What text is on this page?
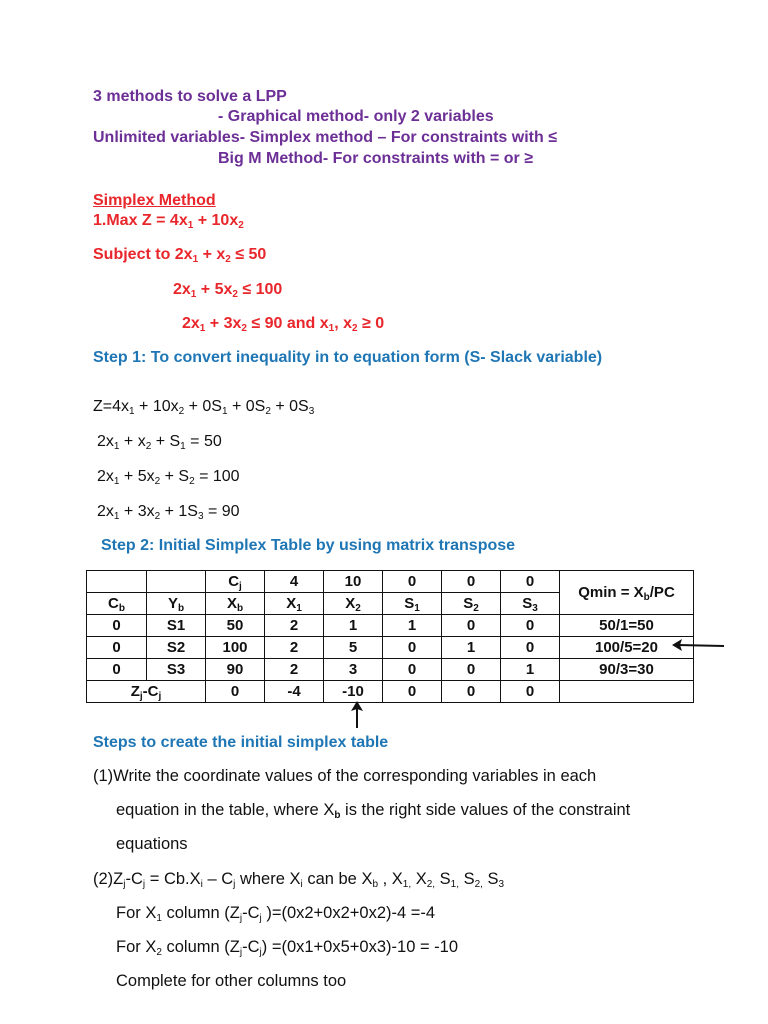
3 methods to solve a LPP
- Graphical method- only 2 variables
Unlimited variables- Simplex method – For constraints with ≤
Big M Method- For constraints with = or ≥
Simplex Method
1.Max $Z = 4x_1 + 10x_2$
Subject to $2x_1 + x_2 \le 50$
$2x_1 + 5x_2 \le 100$
$2x_1 + 3x_2 \le 90$ and $x_1$, $x_2 \ge 0$
Step 1: To convert inequality in to equation form (S- Slack variable)
$Z=4x_1 + 10x_2 + 0S_1 + 0S_2 + 0S_3$
$2x_1 + x_2 + S_1 = 50$
$2x_1 + 5x_2 + S_2 = 100$
$2x_1 + 3x_2 + 1S_3 = 90$
Step 2: Initial Simplex Table by using matrix transpose
		$C_j$	4	10	0	0	0	$Qmin = X_b/PC$
$C_b$	$Y_b$	$X_b$	$X_1$	$X_2$	$S_1$	$S_2$	$S_3$
0	S1	50	2	1	1	0	0	50/1=50
0	S2	100	2	5	0	1	0	100/5=20
0	S3	90	2	3	0	0	1	90/3=30
$Z_j-C_j$		0	-4	-10	0	0	0	
Steps to create the initial simplex table
(1)Write the coordinate values of the corresponding variables in each
equation in the table, where $X_b$ is the right side values of the constraint
equations
$(2)Z_j-C_j = Cb.X_i - C_j$ where $X_i$ can be $X_b$ , $X_{1,}$ $X_{2,}$ $S_{1,}$ $S_{2,}$ $S_3$
For $X_1$ column ($Z_j-C_j$ )=(0x2+0x2+0x2)-4 =-4
For $X_2$ column $(Z_j-C_j) =(0x1+0x5+0x3)-10 = -10$
Complete for other columns too
